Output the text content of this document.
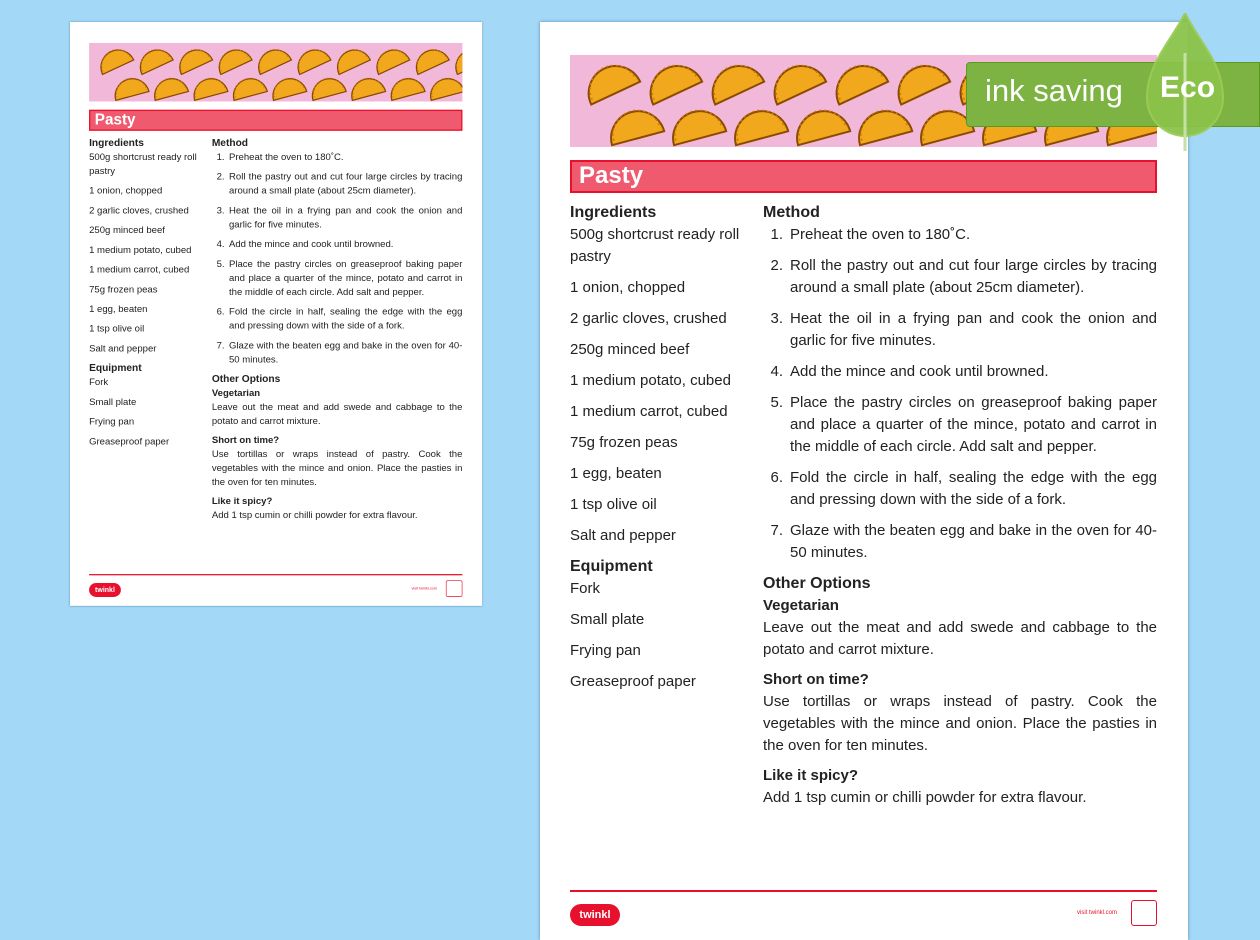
Pasty
Ingredients

500g shortcrust ready roll pastry

1 onion, chopped

2 garlic cloves, crushed

250g minced beef

1 medium potato, cubed

1 medium carrot, cubed

75g frozen peas

1 egg, beaten

1 tsp olive oil

Salt and pepper

Equipment

Fork

Small plate

Frying pan

Greaseproof paper

Method
1. Preheat the oven to 180˚C.
2. Roll the pastry out and cut four large circles by tracing around a small plate (about 25cm diameter).
3. Heat the oil in a frying pan and cook the onion and garlic for five minutes.
4. Add the mince and cook until browned.
5. Place the pastry circles on greaseproof baking paper and place a quarter of the mince, potato and carrot in the middle of each circle. Add salt and pepper.
6. Fold the circle in half, sealing the edge with the egg and pressing down with the side of a fork.
7. Glaze with the beaten egg and bake in the oven for 40-50 minutes.
Other Options
Vegetarian

Leave out the meat and add swede and cabbage to the potato and carrot mixture.

Short on time?

Use tortillas or wraps instead of pastry. Cook the vegetables with the mince and onion. Place the pasties in the oven for ten minutes.

Like it spicy?

Add 1 tsp cumin or chilli powder for extra flavour.

twinkl	visit twinkl.com
Pasty
Ingredients

500g shortcrust ready roll pastry

1 onion, chopped

2 garlic cloves, crushed

250g minced beef

1 medium potato, cubed

1 medium carrot, cubed

75g frozen peas

1 egg, beaten

1 tsp olive oil

Salt and pepper

Equipment

Fork

Small plate

Frying pan

Greaseproof paper

Method
1. Preheat the oven to 180˚C.
2. Roll the pastry out and cut four large circles by tracing around a small plate (about 25cm diameter).
3. Heat the oil in a frying pan and cook the onion and garlic for five minutes.
4. Add the mince and cook until browned.
5. Place the pastry circles on greaseproof baking paper and place a quarter of the mince, potato and carrot in the middle of each circle. Add salt and pepper.
6. Fold the circle in half, sealing the edge with the egg and pressing down with the side of a fork.
7. Glaze with the beaten egg and bake in the oven for 40-50 minutes.
Other Options
Vegetarian

Leave out the meat and add swede and cabbage to the potato and carrot mixture.

Short on time?

Use tortillas or wraps instead of pastry. Cook the vegetables with the mince and onion. Place the pasties in the oven for ten minutes.

Like it spicy?

Add 1 tsp cumin or chilli powder for extra flavour.

twinkl	visit twinkl.com
ink saving Eco
